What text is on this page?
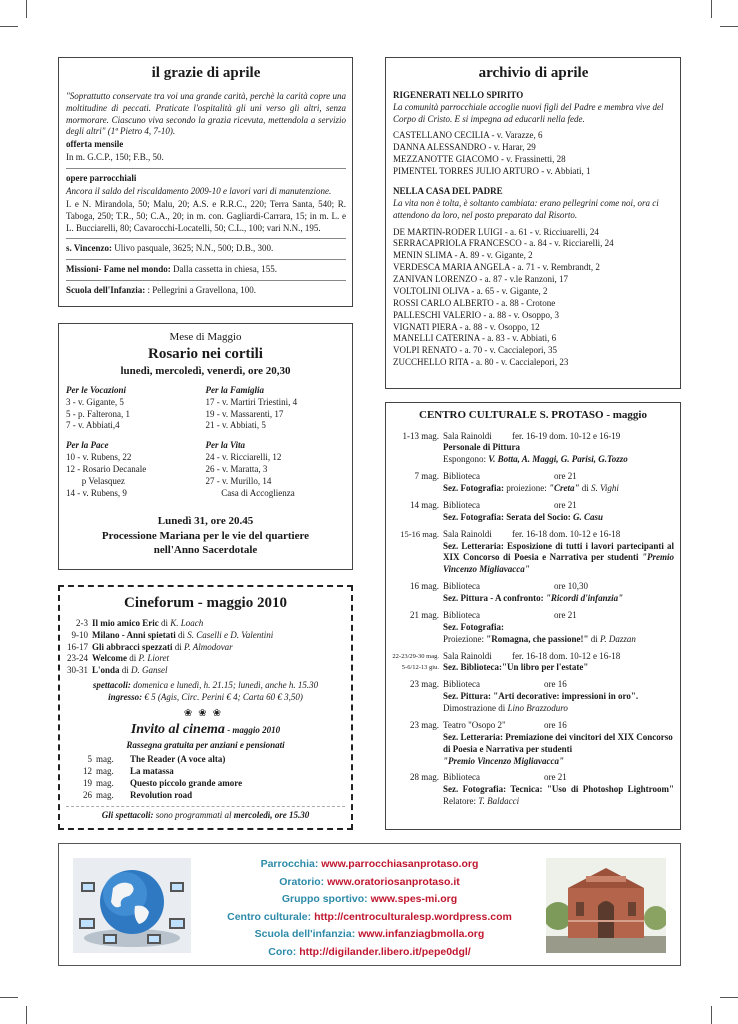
il grazie di aprile

"Soprattutto conservate tra voi una grande carità, perchè la carità copre una moltitudine di peccati. Praticate l'ospitalità gli uni verso gli altri, senza mormorare. Ciascuno viva secondo la grazia ricevuta, mettendola a servizio degli altri" (1ª Pietro 4, 7-10).

offerta mensile

In m. G.C.P., 150; F.B., 50.

opere parrocchiali

Ancora il saldo del riscaldamento 2009-10 e lavori vari di manutenzione.

I. e N. Mirandola, 50; Malu, 20; A.S. e R.R.C., 220; Terra Santa, 540; R. Taboga, 250; T.R., 50; C.A., 20; in m. con. Gagliardi-Carrara, 15; in m. L. e L. Bucciarelli, 80; Cavarocchi-Locatelli, 50; C.L., 100; vari N.N., 195.

s. Vincenzo: Ulivo pasquale, 3625; N.N., 500; D.B., 300.

Missioni- Fame nel mondo: Dalla cassetta in chiesa, 155.

Scuola dell'Infanzia: : Pellegrini a Gravellona, 100.

Mese di Maggio
Rosario nei cortili
lunedì, mercoledì, venerdì, ore 20,30
Per le Vocazioni
3 - v. Gigante, 5
5 - p. Falterona, 1
7 - v. Abbiati,4
Per la Famiglia
17 - v. Martiri Triestini, 4
19 - v. Massarenti, 17
21 - v. Abbiati, 5
Per la Pace
10 - v. Rubens, 22
12 - Rosario Decanale
p Velasquez
14 - v. Rubens, 9
Per la Vita
24 - v. Ricciarelli, 12
26 - v. Maratta, 3
27 - v. Murillo, 14
Casa di Accoglienza
Lunedì 31, ore 20.45
Processione Mariana per le vie del quartiere
nell'Anno Sacerdotale
Cineforum - maggio 2010
2-3 Il mio amico Eric di K. Loach
9-10 Milano - Anni spietati di S. Caselli e D. Valentini
16-17 Gli abbracci spezzati di P. Almodovar
23-24 Welcome di P. Lioret
30-31 L'onda di D. Gansel
spettacoli: domenica e lunedì, h. 21.15; lunedì, anche h. 15.30
ingresso: € 5 (Agis, Circ. Perini € 4; Carta 60 € 3,50)
❀❀❀
Invito al cinema - maggio 2010
Rassegna gratuita per anziani e pensionati
5 mag.	The Reader (A voce alta)
12 mag.	La matassa
19 mag.	Questo piccolo grande amore
26 mag.	Revolution road
Gli spettacoli: sono programmati al mercoledì, ore 15.30
archivio di aprile
RIGENERATI NELLO SPIRITO
La comunità parrocchiale accoglie nuovi figli del Padre e membra vive del Corpo di Cristo. E si impegna ad educarli nella fede.
CASTELLANO CECILIA - v. Varazze, 6
DANNA ALESSANDRO - v. Harar, 29
MEZZANOTTE GIACOMO - v. Frassinetti, 28
PIMENTEL TORRES JULIO ARTURO - v. Abbiati, 1
NELLA CASA DEL PADRE
La vita non è tolta, è soltanto cambiata: erano pellegrini come noi, ora ci attendono da loro, nel posto preparato dal Risorto.
DE MARTIN-RODER LUIGI - a. 61 - v. Ricciuarelli, 24
SERRACAPRIOLA FRANCESCO - a. 84 - v. Ricciarelli, 24
MENIN SLIMA - A. 89 - v. Gigante, 2
VERDESCA MARIA ANGELA - a. 71 - v. Rembrandt, 2
ZANIVAN LORENZO - a. 87 - v.le Ranzoni, 17
VOLTOLINI OLIVA - a. 65 - v. Gigante, 2
ROSSI CARLO ALBERTO - a. 88 - Crotone
PALLESCHI VALERIO - a. 88 - v. Osoppo, 3
VIGNATI PIERA - a. 88 - v. Osoppo, 12
MANELLI CATERINA - a. 83 - v. Abbiati, 6
VOLPI RENATO - a. 70 - v. Caccialepori, 35
ZUCCHELLO RITA - a. 80 - v. Caccialepori, 23
CENTRO CULTURALE S. PROTASO - maggio
1-13 mag. Sala Rainoldi	fer. 16-19 dom. 10-12 e 16-19
Personale di Pittura
Espongono: V. Botta, A. Maggi, G. Parisi, G.Tozzo
7 mag. Biblioteca	ore 21
Sez. Fotografia: proiezione: "Creta" di S. Vighi
14 mag. Biblioteca	ore 21
Sez. Fotografia: Serata del Socio: G. Casu
15-16 mag. Sala Rainoldi	fer. 16-18 dom. 10-12 e 16-18
Sez. Letteraria: Esposizione di tutti i lavori partecipanti al XIX Concorso di Poesia e Narrativa per studenti "Premio Vincenzo Migliavacca"
16 mag. Biblioteca	ore 10,30
Sez. Pittura - A confronto: "Ricordi d'infanzia"
21 mag. Biblioteca	ore 21
Sez. Fotografia:
Proiezione: "Romagna, che passione!" di P. Dazzan
22-23/29-30 mag.
5-6/12-13 giu.
Sala Rainoldi	fer. 16-18 dom. 10-12 e 16-18
Sez. Biblioteca:"Un libro per l'estate"
23 mag. Biblioteca	ore 16
Sez. Pittura: "Arti decorative: impressioni in oro".
Dimostrazione di Lino Brazzoduro
23 mag. Teatro "Osopo 2"	ore 16
Sez. Letteraria: Premiazione dei vincitori del XIX Concorso di Poesia e Narrativa per studenti
"Premio Vincenzo Migliavacca"
28 mag. Biblioteca	ore 21
Sez. Fotografia: Tecnica: "Uso di Photoshop Lightroom" Relatore: T. Baldacci
Parrocchia: www.parrocchiasanprotaso.org
Oratorio: www.oratoriosanprotaso.it
Gruppo sportivo: www.spes-mi.org
Centro culturale: http://centroculturalesp.wordpress.com
Scuola dell'infanzia: www.infanziagbmolla.org
Coro: http://digilander.libero.it/pepe0dgl/
